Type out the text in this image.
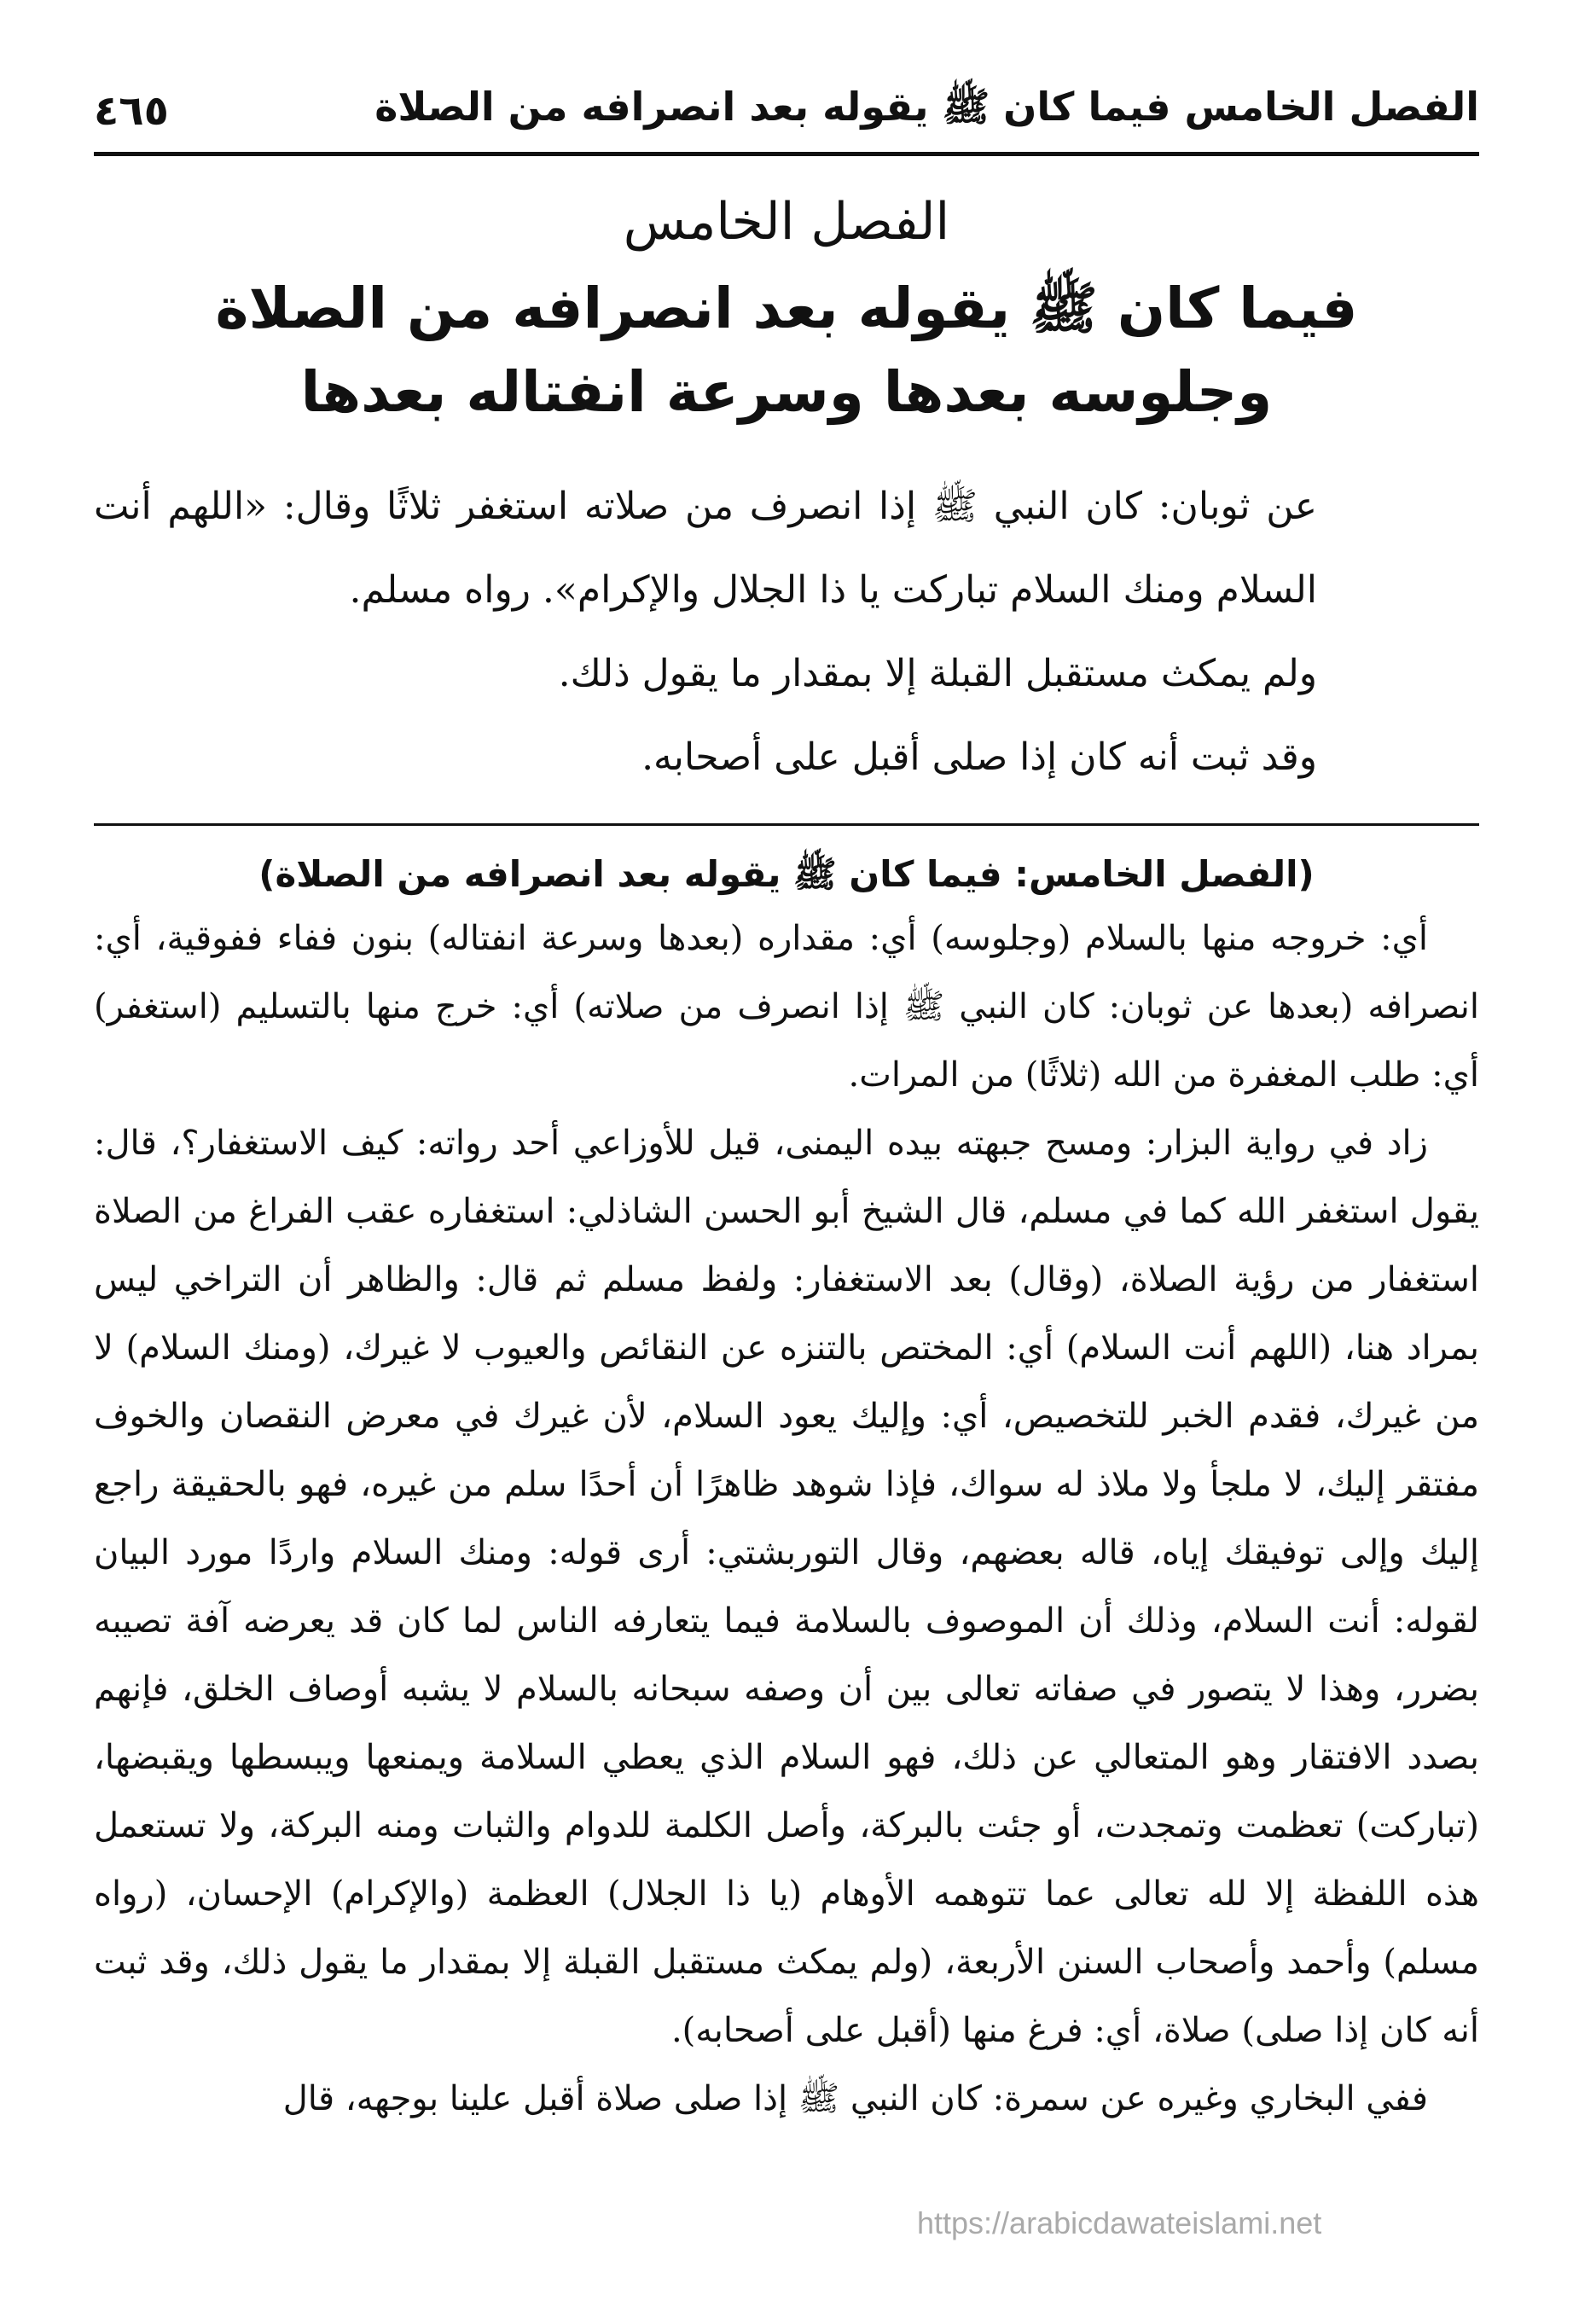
الفصل الخامس فيما كان ﷺ يقوله بعد انصرافه من الصلاة
٤٦٥
الفصل الخامس
فيما كان ﷺ يقوله بعد انصرافه من الصلاة
وجلوسه بعدها وسرعة انفتاله بعدها

عن ثوبان: كان النبي ﷺ إذا انصرف من صلاته استغفر ثلاثًا وقال: «اللهم أنت السلام ومنك السلام تباركت يا ذا الجلال والإكرام». رواه مسلم.

ولم يمكث مستقبل القبلة إلا بمقدار ما يقول ذلك.

وقد ثبت أنه كان إذا صلى أقبل على أصحابه.

(الفصل الخامس: فيما كان ﷺ يقوله بعد انصرافه من الصلاة)

أي: خروجه منها بالسلام (وجلوسه) أي: مقداره (بعدها وسرعة انفتاله) بنون ففاء ففوقية، أي: انصرافه (بعدها عن ثوبان: كان النبي ﷺ إذا انصرف من صلاته) أي: خرج منها بالتسليم (استغفر) أي: طلب المغفرة من الله (ثلاثًا) من المرات.

زاد في رواية البزار: ومسح جبهته بيده اليمنى، قيل للأوزاعي أحد رواته: كيف الاستغفار؟، قال: يقول استغفر الله كما في مسلم، قال الشيخ أبو الحسن الشاذلي: استغفاره عقب الفراغ من الصلاة استغفار من رؤية الصلاة، (وقال) بعد الاستغفار: ولفظ مسلم ثم قال: والظاهر أن التراخي ليس بمراد هنا، (اللهم أنت السلام) أي: المختص بالتنزه عن النقائص والعيوب لا غيرك، (ومنك السلام) لا من غيرك، فقدم الخبر للتخصيص، أي: وإليك يعود السلام، لأن غيرك في معرض النقصان والخوف مفتقر إليك، لا ملجأ ولا ملاذ له سواك، فإذا شوهد ظاهرًا أن أحدًا سلم من غيره، فهو بالحقيقة راجع إليك وإلى توفيقك إياه، قاله بعضهم، وقال التوربشتي: أرى قوله: ومنك السلام واردًا مورد البيان لقوله: أنت السلام، وذلك أن الموصوف بالسلامة فيما يتعارفه الناس لما كان قد يعرضه آفة تصيبه بضرر، وهذا لا يتصور في صفاته تعالى بين أن وصفه سبحانه بالسلام لا يشبه أوصاف الخلق، فإنهم بصدد الافتقار وهو المتعالي عن ذلك، فهو السلام الذي يعطي السلامة ويمنعها ويبسطها ويقبضها، (تباركت) تعظمت وتمجدت، أو جئت بالبركة، وأصل الكلمة للدوام والثبات ومنه البركة، ولا تستعمل هذه اللفظة إلا لله تعالى عما تتوهمه الأوهام (يا ذا الجلال) العظمة (والإكرام) الإحسان، (رواه مسلم) وأحمد وأصحاب السنن الأربعة، (ولم يمكث مستقبل القبلة إلا بمقدار ما يقول ذلك، وقد ثبت أنه كان إذا صلى) صلاة، أي: فرغ منها (أقبل على أصحابه).

ففي البخاري وغيره عن سمرة: كان النبي ﷺ إذا صلى صلاة أقبل علينا بوجهه، قال

https://arabicdawateislami.net
